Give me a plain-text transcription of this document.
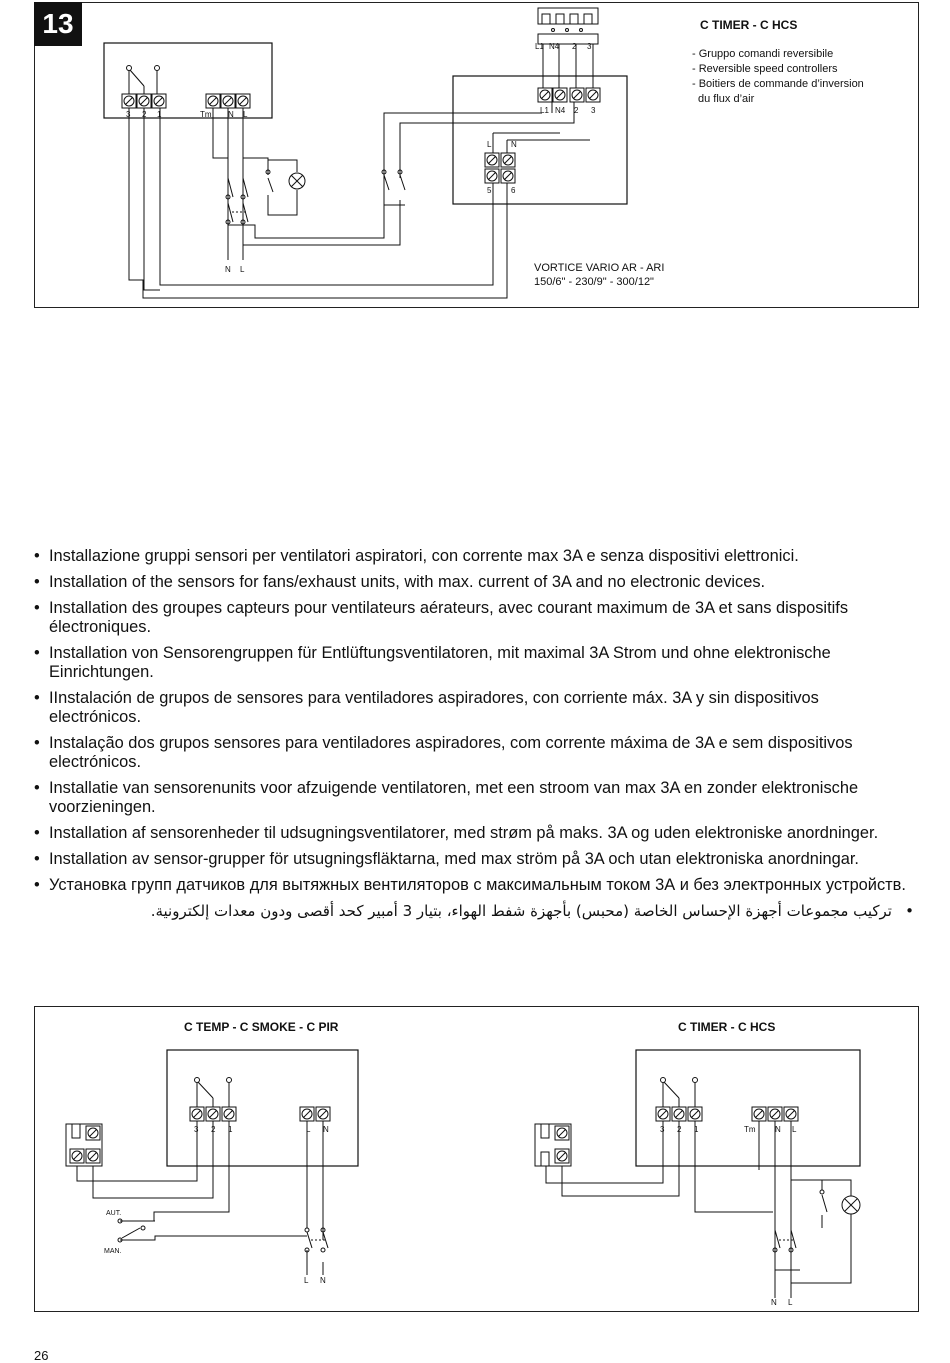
13	C TIMER - C HCS
- Gruppo comandi reversibile
- Reversible speed controllers
- Boitiers de commande d’inversion
du flux d’air
3 2 1	Tm N L
L1 N4 2 3
L1 N4 2 3
L N
5 6
N L	VORTICE VARIO AR - ARI
150/6" - 230/9" - 300/12"
• Installazione gruppi sensori per ventilatori aspiratori, con corrente max 3A e senza dispositivi elettronici.
• Installation of the sensors for fans/exhaust units, with max. current of 3A and no electronic devices.
• Installation des groupes capteurs pour ventilateurs aérateurs, avec courant maximum de 3A et sans dispositifs électroniques.
• Installation von Sensorengruppen für Entlüftungsventilatoren, mit maximal 3A Strom und ohne elektronische Einrichtungen.
• IInstalación de grupos de sensores para ventiladores aspiradores, con corriente máx. 3A y sin dispositivos electrónicos.
• Instalação dos grupos sensores para ventiladores aspiradores, com corrente máxima de 3A e sem dispositivos electrónicos.
• Installatie van sensorenunits voor afzuigende ventilatoren, met een stroom van max 3A en zonder elektronische voorzieningen.
• Installation af sensorenheder til udsugningsventilatorer, med strøm på maks. 3A og uden elektroniske anordninger.
• Installation av sensor-grupper för utsugningsfläktarna, med max ström på 3A och utan elektroniska anordningar.
• Установка групп датчиков для вытяжных вентиляторов с максимальным током 3А и без электронных устройств.
• تركيب مجموعات أجهزة الإحساس الخاصة (محبس) بأجهزة شفط الهواء، بتيار 3 أمبير كحد أقصى ودون معدات إلكترونية.
C TEMP - C SMOKE - C PIR	C TIMER - C HCS
3 2 1	L N
AUT.
MAN.
L N
3 2 1	Tm N L
N L
26
